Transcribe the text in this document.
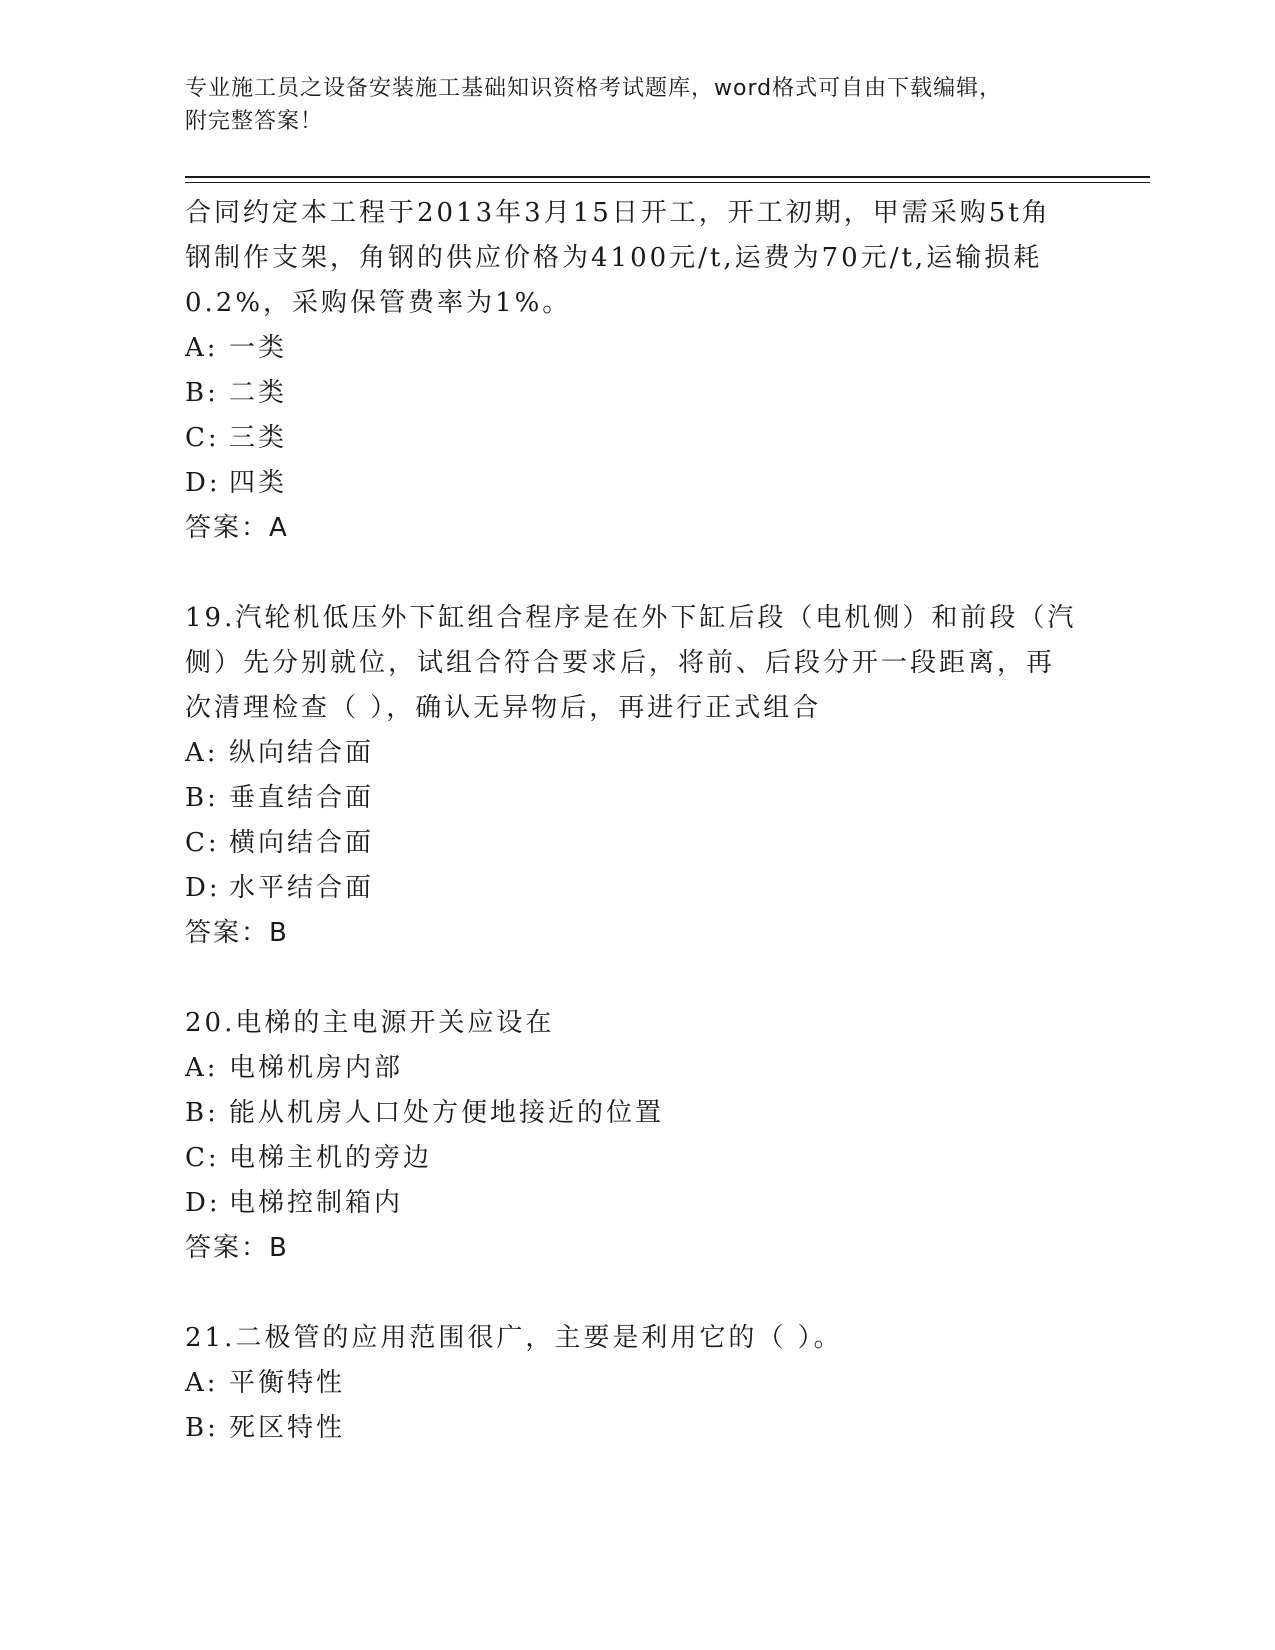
专业施工员之设备安装施工基础知识资格考试题库，word格式可自由下载编辑，
附完整答案！

合同约定本工程于2013年3月15日开工，开工初期，甲需采购5t角

钢制作支架，角钢的供应价格为4100元/t,运费为70元/t,运输损耗

0.2%，采购保管费率为1%。

A: 一类

B: 二类

C: 三类

D: 四类

答案：A

19.汽轮机低压外下缸组合程序是在外下缸后段（电机侧）和前段（汽

侧）先分别就位，试组合符合要求后，将前、后段分开一段距离，再

次清理检查（ ），确认无异物后，再进行正式组合

A: 纵向结合面

B: 垂直结合面

C: 横向结合面

D: 水平结合面

答案：B

20.电梯的主电源开关应设在

A: 电梯机房内部

B: 能从机房人口处方便地接近的位置

C: 电梯主机的旁边

D: 电梯控制箱内

答案：B

21.二极管的应用范围很广，主要是利用它的（ ）。

A: 平衡特性

B: 死区特性
